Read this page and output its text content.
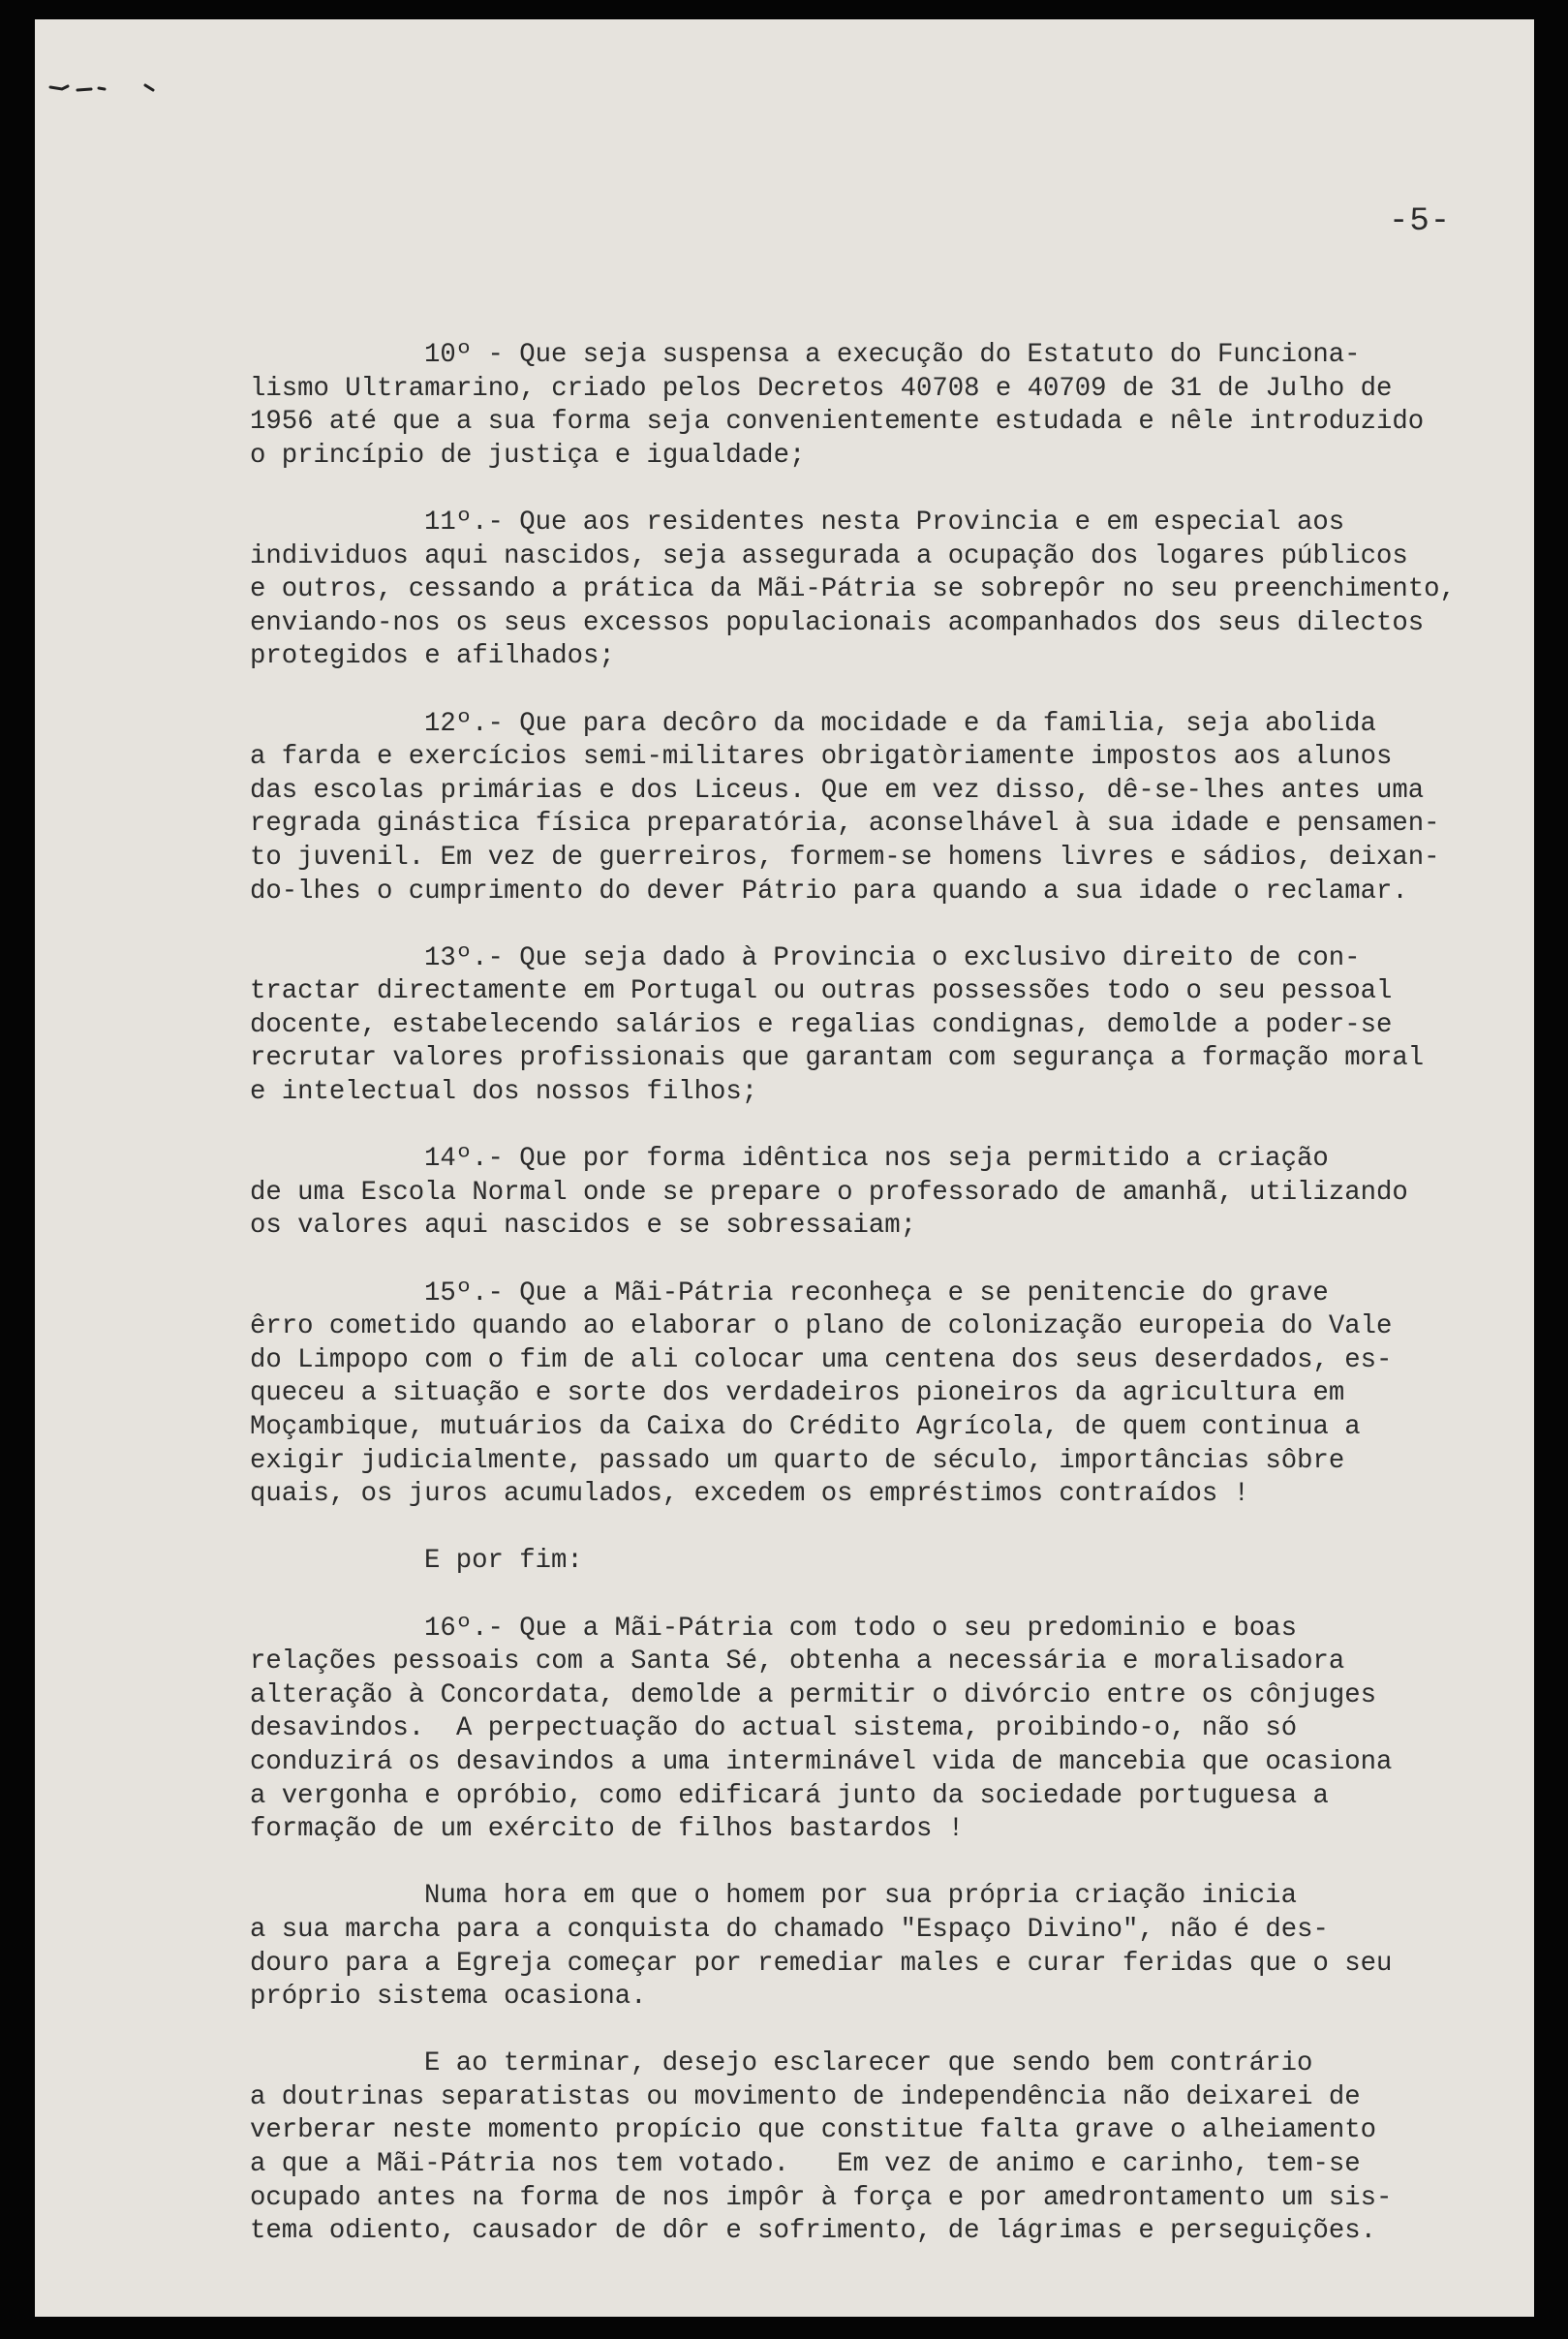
-5-
10º - Que seja suspensa a execução do Estatuto do Funciona-
lismo Ultramarino, criado pelos Decretos 40708 e 40709 de 31 de Julho de
1956 até que a sua forma seja convenientemente estudada e nêle introduzido
o princípio de justiça e igualdade;
11º.- Que aos residentes nesta Provincia e em especial aos
individuos aqui nascidos, seja assegurada a ocupação dos logares públicos
e outros, cessando a prática da Mãi-Pátria se sobrepôr no seu preenchimento,
enviando-nos os seus excessos populacionais acompanhados dos seus dilectos
protegidos e afilhados;
12º.- Que para decôro da mocidade e da familia, seja abolida
a farda e exercícios semi-militares obrigatòriamente impostos aos alunos
das escolas primárias e dos Liceus. Que em vez disso, dê-se-lhes antes uma
regrada ginástica física preparatória, aconselhável à sua idade e pensamen-
to juvenil. Em vez de guerreiros, formem-se homens livres e sádios, deixan-
do-lhes o cumprimento do dever Pátrio para quando a sua idade o reclamar.
13º.- Que seja dado à Provincia o exclusivo direito de con-
tractar directamente em Portugal ou outras possessões todo o seu pessoal
docente, estabelecendo salários e regalias condignas, demolde a poder-se
recrutar valores profissionais que garantam com segurança a formação moral
e intelectual dos nossos filhos;
14º.- Que por forma idêntica nos seja permitido a criação
de uma Escola Normal onde se prepare o professorado de amanhã, utilizando
os valores aqui nascidos e se sobressaiam;
15º.- Que a Mãi-Pátria reconheça e se penitencie do grave
êrro cometido quando ao elaborar o plano de colonização europeia do Vale
do Limpopo com o fim de ali colocar uma centena dos seus deserdados, es-
queceu a situação e sorte dos verdadeiros pioneiros da agricultura em
Moçambique, mutuários da Caixa do Crédito Agrícola, de quem continua a
exigir judicialmente, passado um quarto de século, importâncias sôbre
quais, os juros acumulados, excedem os empréstimos contraídos !
E por fim:
16º.- Que a Mãi-Pátria com todo o seu predominio e boas
relações pessoais com a Santa Sé, obtenha a necessária e moralisadora
alteração à Concordata, demolde a permitir o divórcio entre os cônjuges
desavindos.  A perpectuação do actual sistema, proibindo-o, não só
conduzirá os desavindos a uma interminável vida de mancebia que ocasiona
a vergonha e opróbio, como edificará junto da sociedade portuguesa a
formação de um exército de filhos bastardos !
Numa hora em que o homem por sua própria criação inicia
a sua marcha para a conquista do chamado "Espaço Divino", não é des-
douro para a Egreja começar por remediar males e curar feridas que o seu
próprio sistema ocasiona.
E ao terminar, desejo esclarecer que sendo bem contrário
a doutrinas separatistas ou movimento de independência não deixarei de
verberar neste momento propício que constitue falta grave o alheiamento
a que a Mãi-Pátria nos tem votado.   Em vez de animo e carinho, tem-se
ocupado antes na forma de nos impôr à força e por amedrontamento um sis-
tema odiento, causador de dôr e sofrimento, de lágrimas e perseguições.
